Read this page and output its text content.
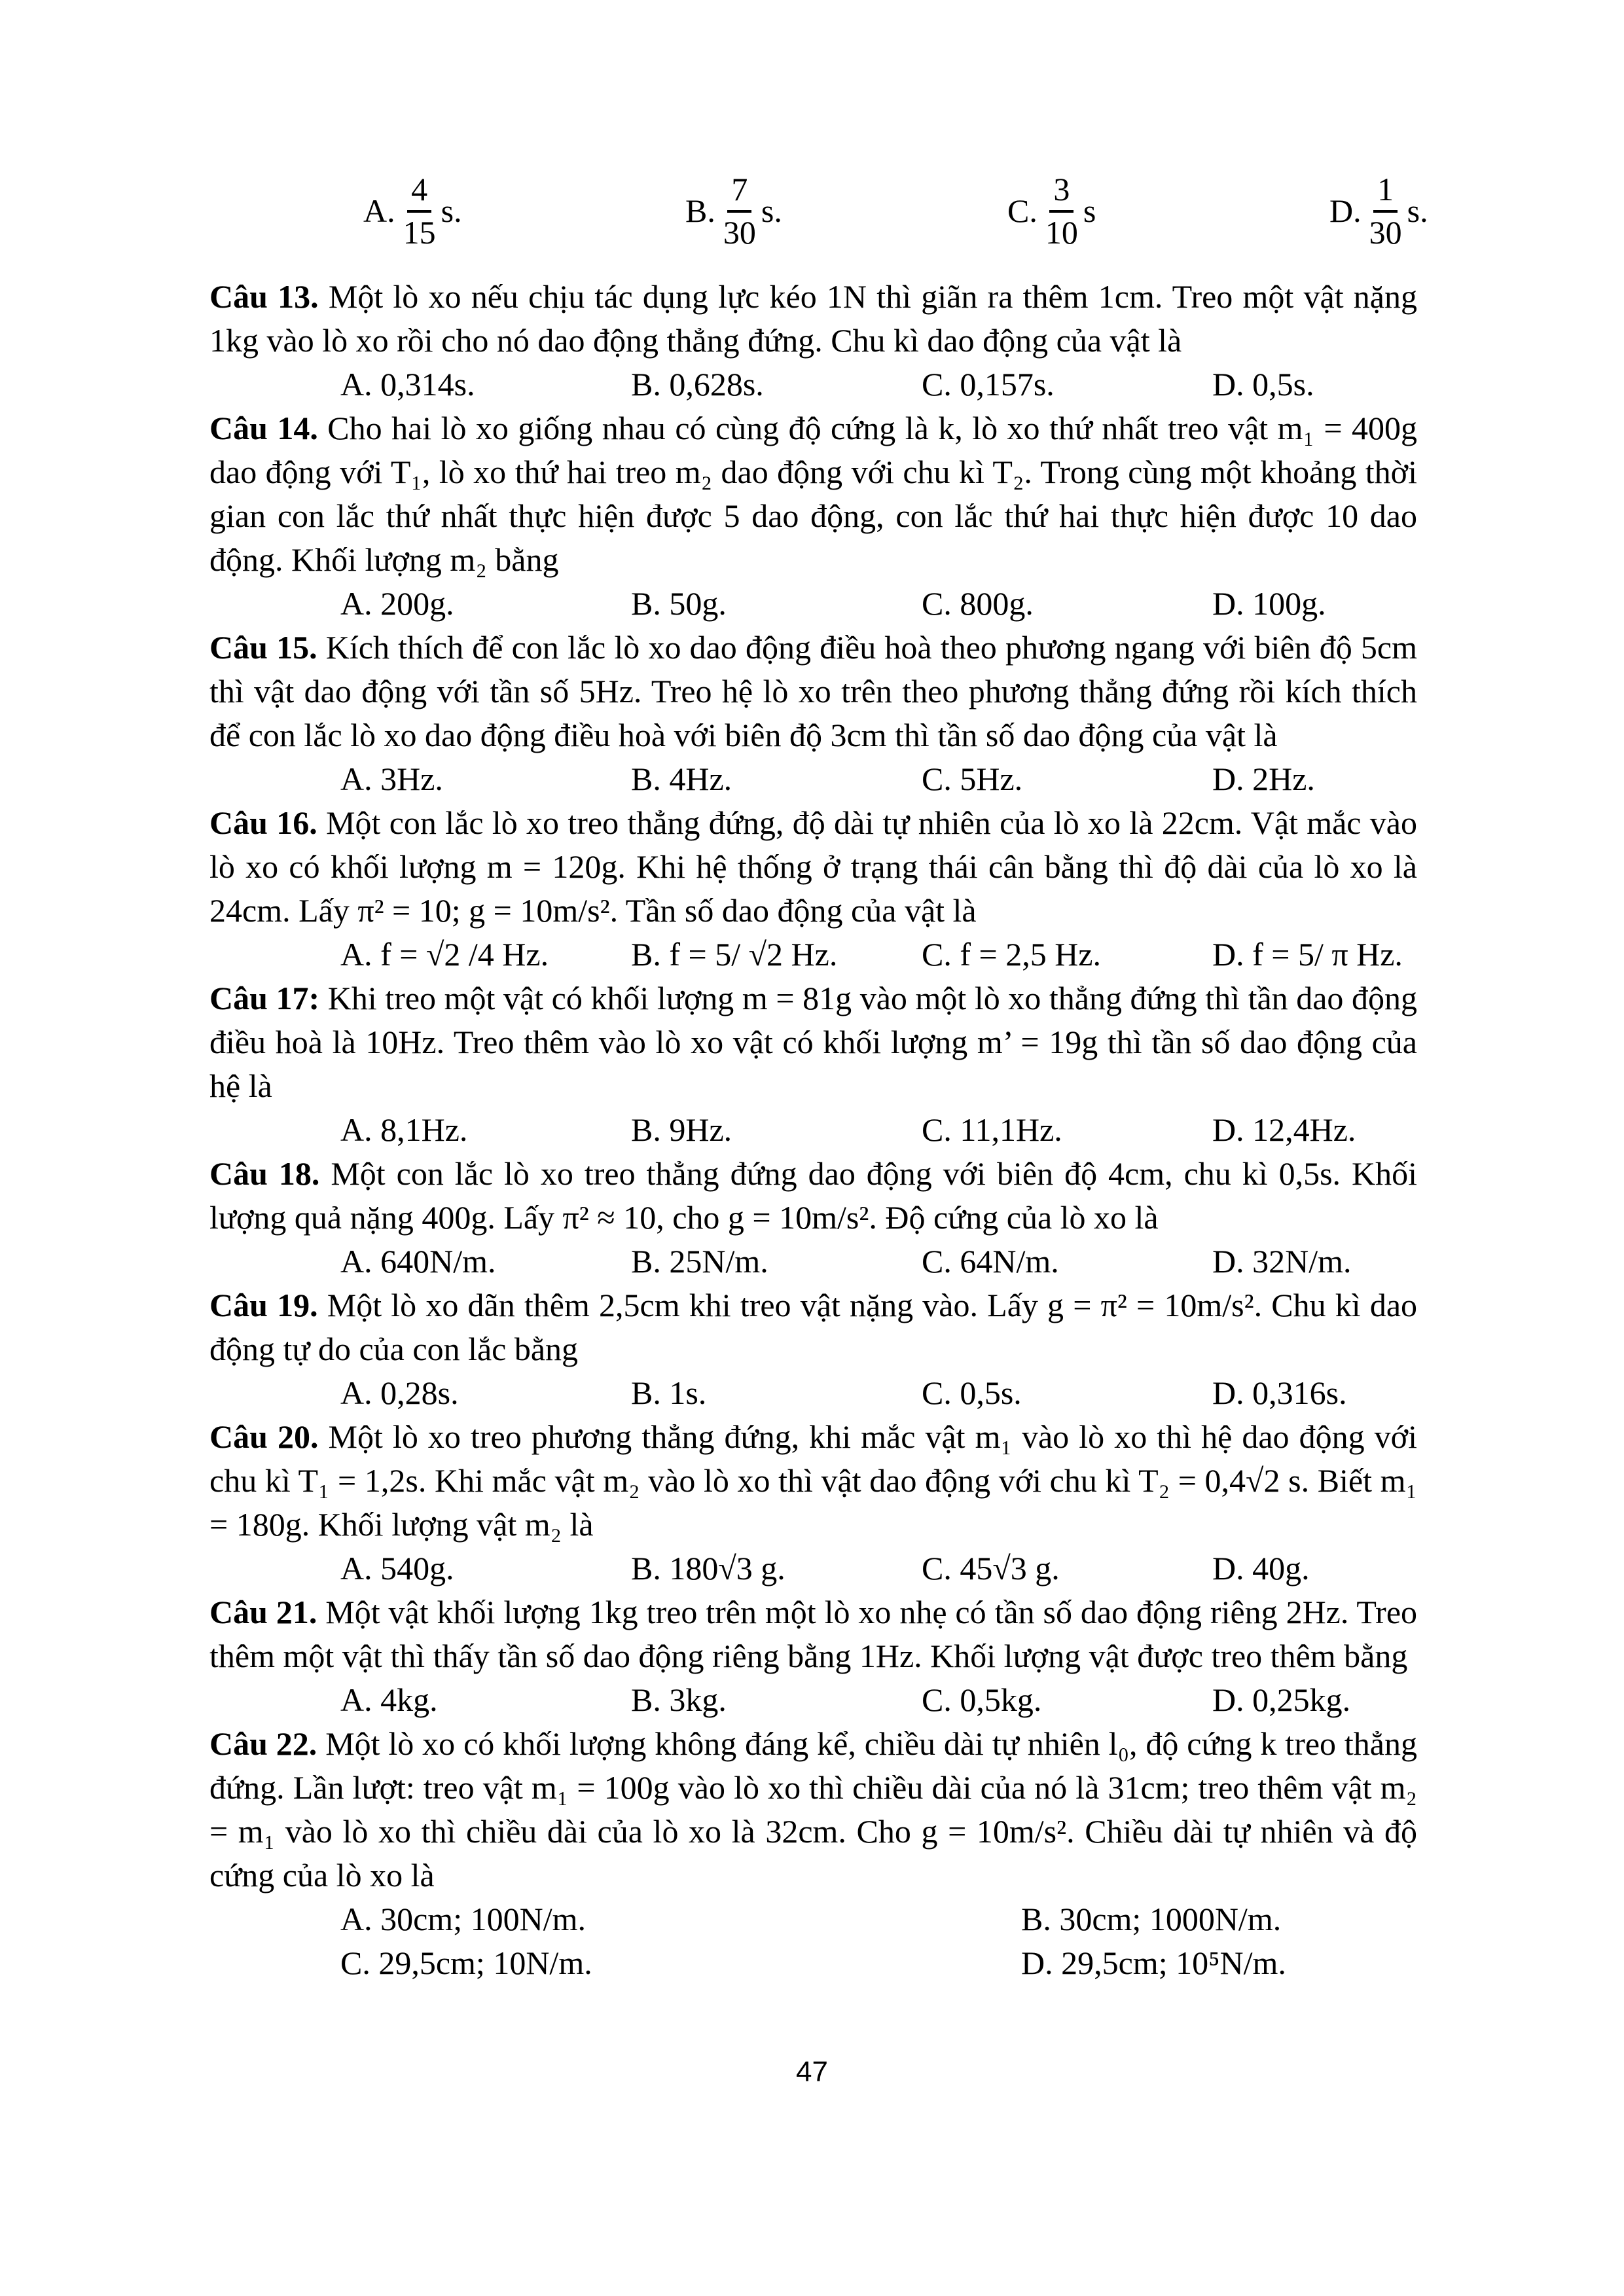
A. $\frac{4}{15} s$.	B. $\frac{7}{30} s$.	C. $\frac{3}{10}$ s	D. $\frac{1}{30} s$.

Câu 13. Một lò xo nếu chịu tác dụng lực kéo 1N thì giãn ra thêm 1cm. Treo một vật nặng 1kg vào lò xo rồi cho nó dao động thẳng đứng. Chu kì dao động của vật là

A. 0,314s.	B. 0,628s.	C. 0,157s.	D. 0,5s.

Câu 14. Cho hai lò xo giống nhau có cùng độ cứng là k, lò xo thứ nhất treo vật m₁ = 400g dao động với T₁, lò xo thứ hai treo m₂ dao động với chu kì T₂. Trong cùng một khoảng thời gian con lắc thứ nhất thực hiện được 5 dao động, con lắc thứ hai thực hiện được 10 dao động. Khối lượng m₂ bằng

A. 200g.	B. 50g.	C. 800g.	D. 100g.

Câu 15. Kích thích để con lắc lò xo dao động điều hoà theo phương ngang với biên độ 5cm thì vật dao động với tần số 5Hz. Treo hệ lò xo trên theo phương thẳng đứng rồi kích thích để con lắc lò xo dao động điều hoà với biên độ 3cm thì tần số dao động của vật là

A. 3Hz.	B. 4Hz.	C. 5Hz.	D. 2Hz.

Câu 16. Một con lắc lò xo treo thẳng đứng, độ dài tự nhiên của lò xo là 22cm. Vật mắc vào lò xo có khối lượng m = 120g. Khi hệ thống ở trạng thái cân bằng thì độ dài của lò xo là 24cm. Lấy π² = 10; g = 10m/s². Tần số dao động của vật là

A. f = √2 /4 Hz.	B. f = 5/ √2 Hz.	C. f = 2,5 Hz.	D. f = 5/ π Hz.

Câu 17: Khi treo một vật có khối lượng m = 81g vào một lò xo thẳng đứng thì tần dao động điều hoà là 10Hz. Treo thêm vào lò xo vật có khối lượng m’ = 19g thì tần số dao động của hệ là

A. 8,1Hz.	B. 9Hz.	C. 11,1Hz.	D. 12,4Hz.

Câu 18. Một con lắc lò xo treo thẳng đứng dao động với biên độ 4cm, chu kì 0,5s. Khối lượng quả nặng 400g. Lấy π² ≈ 10, cho g = 10m/s². Độ cứng của lò xo là

A. 640N/m.	B. 25N/m.	C. 64N/m.	D. 32N/m.

Câu 19. Một lò xo dãn thêm 2,5cm khi treo vật nặng vào. Lấy g = π² = 10m/s². Chu kì dao động tự do của con lắc bằng

A. 0,28s.	B. 1s.	C. 0,5s.	D. 0,316s.

Câu 20. Một lò xo treo phương thẳng đứng, khi mắc vật m₁ vào lò xo thì hệ dao động với chu kì T₁ = 1,2s. Khi mắc vật m₂ vào lò xo thì vật dao động với chu kì T₂ = 0,4√2 s. Biết m₁ = 180g. Khối lượng vật m₂ là

A. 540g.	B. 180√3 g.	C. 45√3 g.	D. 40g.

Câu 21. Một vật khối lượng 1kg treo trên một lò xo nhẹ có tần số dao động riêng 2Hz. Treo thêm một vật thì thấy tần số dao động riêng bằng 1Hz. Khối lượng vật được treo thêm bằng

A. 4kg.	B. 3kg.	C. 0,5kg.	D. 0,25kg.

Câu 22. Một lò xo có khối lượng không đáng kể, chiều dài tự nhiên l₀, độ cứng k treo thẳng đứng. Lần lượt: treo vật m₁ = 100g vào lò xo thì chiều dài của nó là 31cm; treo thêm vật m₂ = m₁ vào lò xo thì chiều dài của lò xo là 32cm. Cho g = 10m/s². Chiều dài tự nhiên và độ cứng của lò xo là

A. 30cm; 100N/m.	B. 30cm; 1000N/m.
C. 29,5cm; 10N/m.	D. 29,5cm; 10⁵N/m.
47
